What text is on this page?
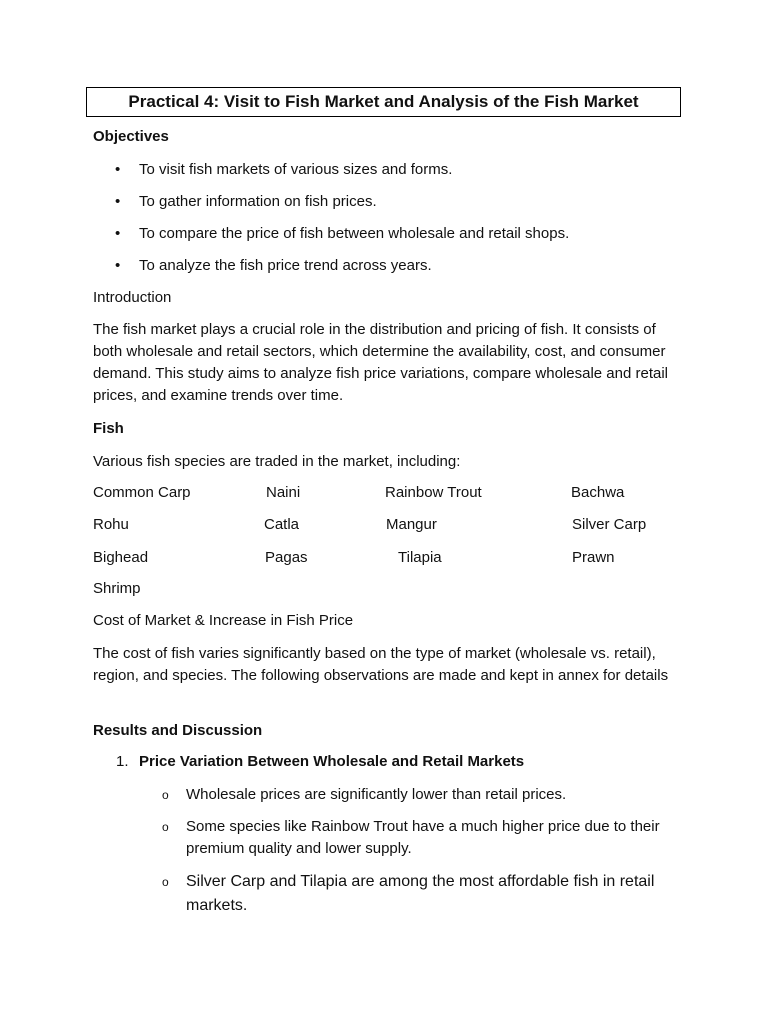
Practical 4: Visit to Fish Market and Analysis of the Fish Market
Objectives
• To visit fish markets of various sizes and forms.
• To gather information on fish prices.
• To compare the price of fish between wholesale and retail shops.
• To analyze the fish price trend across years.
Introduction
The fish market plays a crucial role in the distribution and pricing of fish. It consists of both wholesale and retail sectors, which determine the availability, cost, and consumer demand. This study aims to analyze fish price variations, compare wholesale and retail prices, and examine trends over time.
Fish
Various fish species are traded in the market, including:
Common Carp	Naini	Rainbow Trout	Bachwa
Rohu	Catla	Mangur	Silver Carp
Bighead	Pagas	Tilapia	Prawn
Shrimp
Cost of Market & Increase in Fish Price
The cost of fish varies significantly based on the type of market (wholesale vs. retail), region, and species. The following observations are made and kept in annex for details
Results and Discussion
1. Price Variation Between Wholesale and Retail Markets
o Wholesale prices are significantly lower than retail prices.
o Some species like Rainbow Trout have a much higher price due to their premium quality and lower supply.
o Silver Carp and Tilapia are among the most affordable fish in retail markets.
